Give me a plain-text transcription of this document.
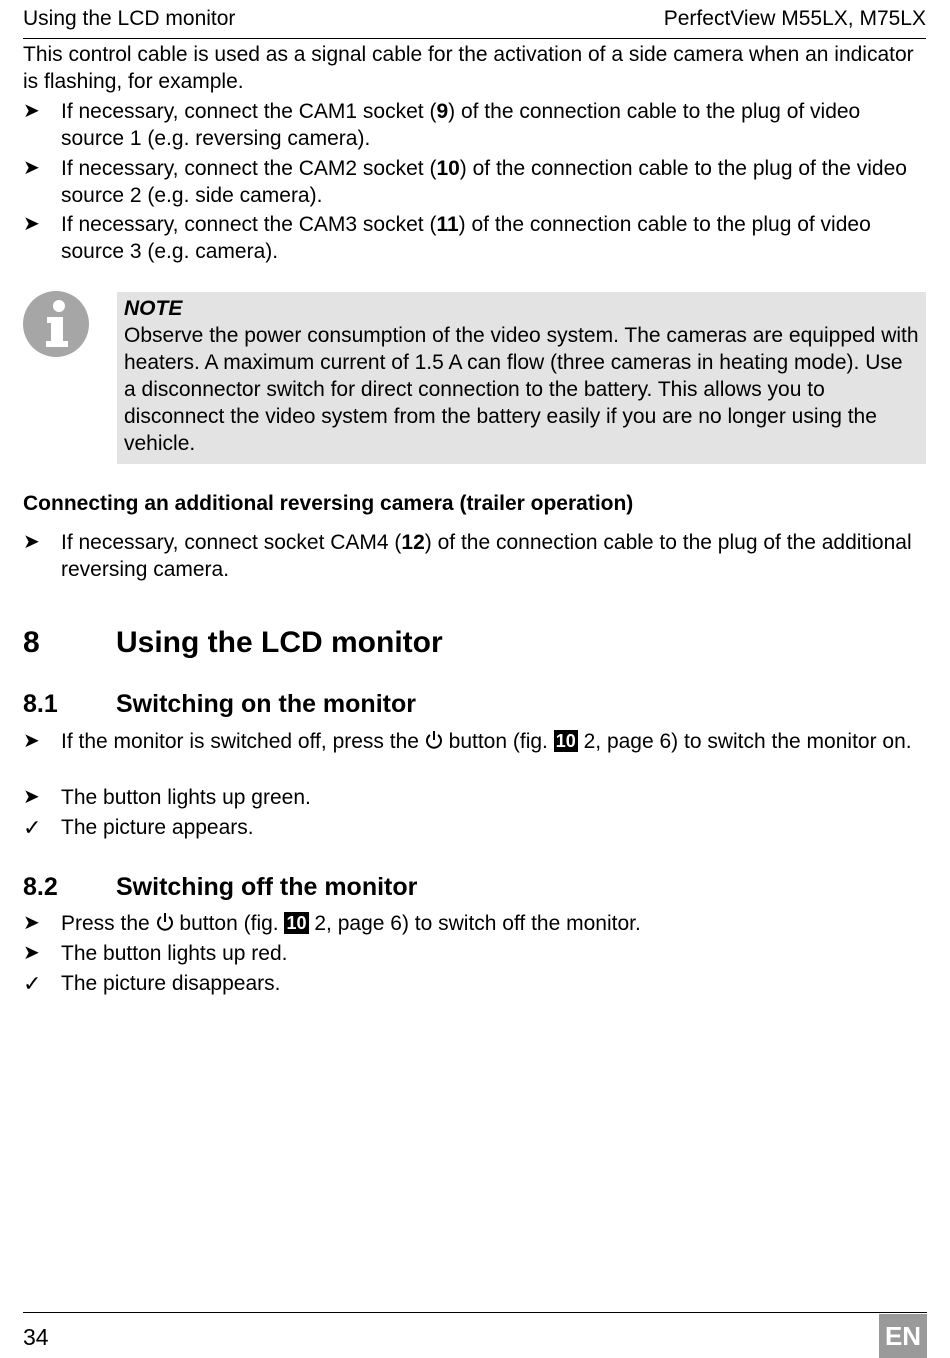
Using the LCD monitor	PerfectView M55LX, M75LX
This control cable is used as a signal cable for the activation of a side camera when an indicator is flashing, for example.
➤	If necessary, connect the CAM1 socket (9) of the connection cable to the plug of video source 1 (e.g. reversing camera).
➤	If necessary, connect the CAM2 socket (10) of the connection cable to the plug of the video source 2 (e.g. side camera).
➤	If necessary, connect the CAM3 socket (11) of the connection cable to the plug of video source 3 (e.g. camera).
NOTE
Observe the power consumption of the video system. The cameras are equipped with heaters. A maximum current of 1.5 A can flow (three cameras in heating mode). Use a disconnector switch for direct connection to the battery. This allows you to disconnect the video system from the battery easily if you are no longer using the vehicle.
Connecting an additional reversing camera (trailer operation)
➤	If necessary, connect socket CAM4 (12) of the connection cable to the plug of the additional reversing camera.
8	Using the LCD monitor
8.1 Switching on the monitor
➤	If the monitor is switched off, press the button (fig. 10 2, page 6) to switch the monitor on.
➤	The button lights up green.
✓ The picture appears.
8.2 Switching off the monitor
➤	Press the button (fig. 10 2, page 6) to switch off the monitor.
➤	The button lights up red.
✓ The picture disappears.
34	EN
